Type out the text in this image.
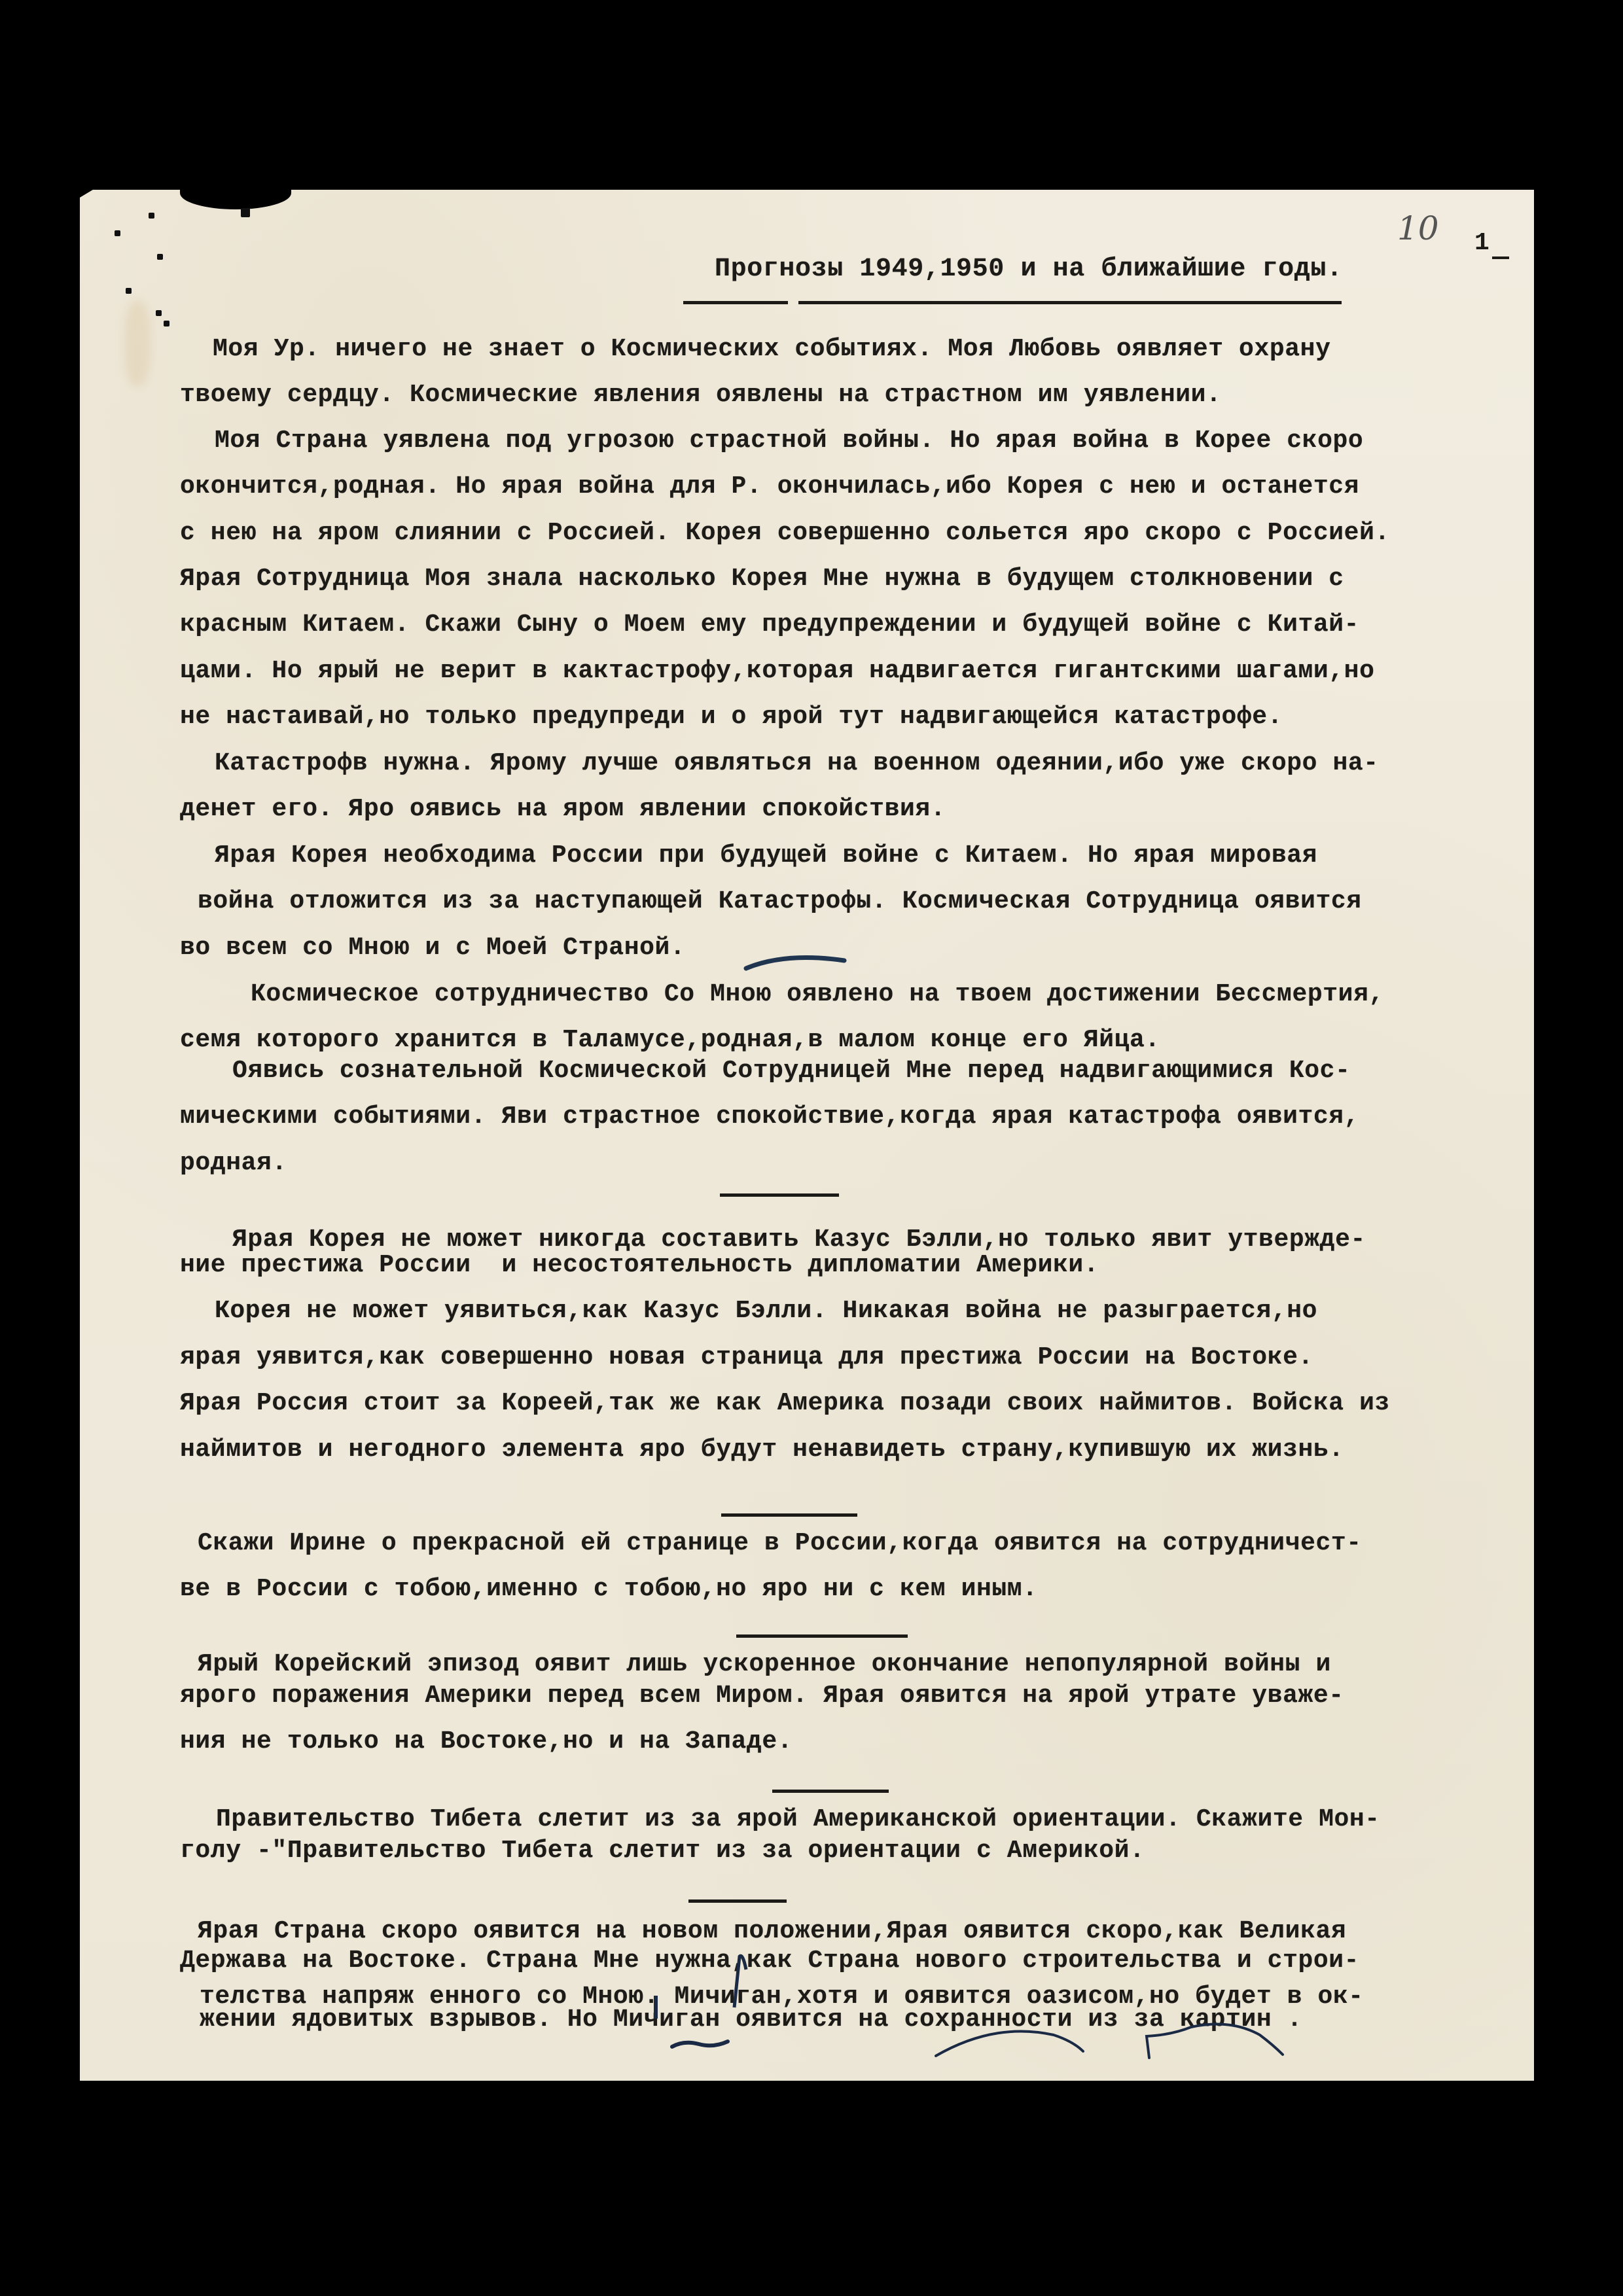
10 1
Прогнозы 1949,1950 и на ближайшие годы.
Моя Ур. ничего не знает о Космических событиях. Моя Любовь оявляет охрану
твоему сердцу. Космические явления оявлены на страстном им уявлении.
Моя Страна уявлена под угрозою страстной войны. Но ярая война в Корее скоро
окончится,родная. Но ярая война для Р. окончилась,ибо Корея с нею и останется
с нею на яром слиянии с Россией. Корея совершенно сольется яро скоро с Россией.
Ярая Сотрудница Моя знала насколько Корея Мне нужна в будущем столкновении с
красным Китаем. Скажи Сыну о Моем ему предупреждении и будущей войне с Китай-
цами. Но ярый не верит в кактастрофу,которая надвигается гигантскими шагами,но
не настаивай,но только предупреди и о ярой тут надвигающейся катастрофе.
Катастрофв нужна. Ярому лучше оявляться на военном одеянии,ибо уже скоро на-
денет его. Яро оявись на яром явлении спокойствия.
Ярая Корея необходима России при будущей войне с Китаем. Но ярая мировая
война отложится из за наступающей Катастрофы. Космическая Сотрудница оявится
во всем со Мною и с Моей Страной.
Космическое сотрудничество Со Мною оявлено на твоем достижении Бессмертия,
семя которого хранится в Таламусе,родная,в малом конце его Яйца.
Оявись сознательной Космической Сотрудницей Мне перед надвигающимися Кос-
мическими событиями. Яви страстное спокойствие,когда ярая катастрофа оявится,
родная.
Ярая Корея не может никогда составить Казус Бэлли,но только явит утвержде-
ние престижа России  и несостоятельность дипломатии Америки.
Корея не может уявиться,как Казус Бэлли. Никакая война не разыграется,но
ярая уявится,как совершенно новая страница для престижа России на Востоке.
Ярая Россия стоит за Кореей,так же как Америка позади своих наймитов. Войска из
наймитов и негодного элемента яро будут ненавидеть страну,купившую их жизнь.
Скажи Ирине о прекрасной ей странице в России,когда оявится на сотрудничест-
ве в России с тобою,именно с тобою,но яро ни с кем иным.
Ярый Корейский эпизод оявит лишь ускоренное окончание непопулярной войны и
ярого поражения Америки перед всем Миром. Ярая оявится на ярой утрате уваже-
ния не только на Востоке,но и на Западе.
Правительство Тибета слетит из за ярой Американской ориентации. Скажите Мон-
голу -"Правительство Тибета слетит из за ориентации с Америкой.
Ярая Страна скоро оявится на новом положении,Ярая оявится скоро,как Великая
Держава на Востоке. Страна Мне нужна,как Страна нового строительства и строи-
телства напряж енного со Мною. Мичиган,хотя и оявится оазисом,но будет в ок-
жении ядовитых взрывов. Но Мичиган оявится на сохранности из за картин .
